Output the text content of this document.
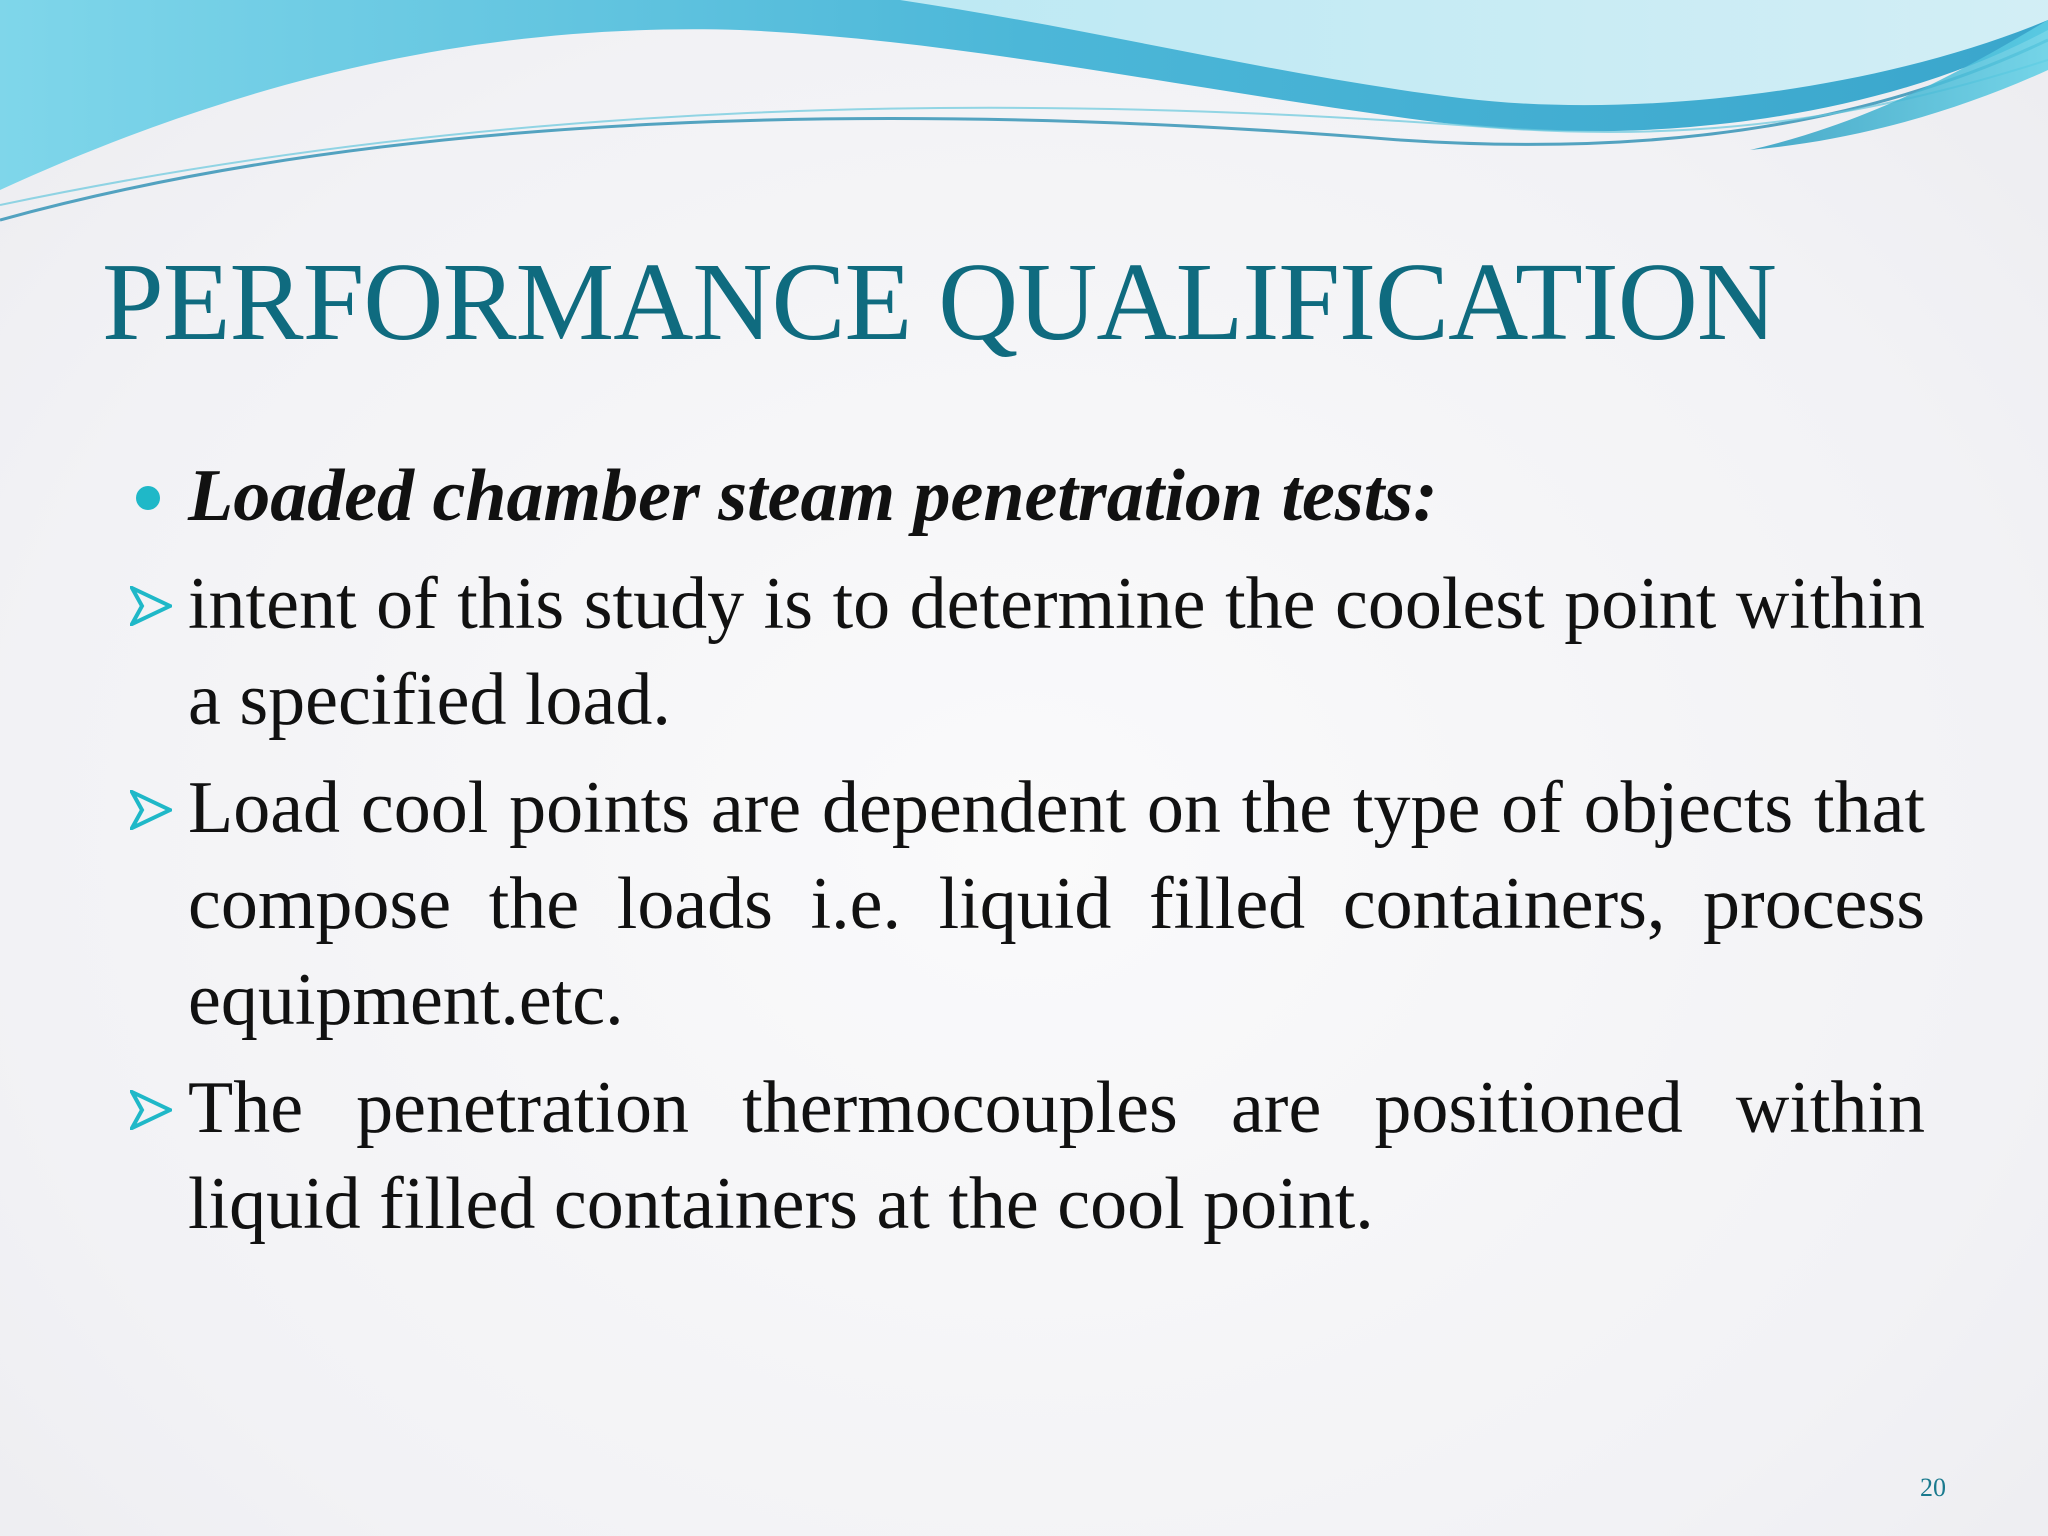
PERFORMANCE QUALIFICATION
Loaded chamber steam penetration tests:
intent of this study is to determine the coolest point within a specified load.
Load cool points are dependent on the type of objects that compose the loads i.e. liquid filled containers, process equipment.etc.
The penetration thermocouples are positioned within liquid filled containers at the cool point.
20
